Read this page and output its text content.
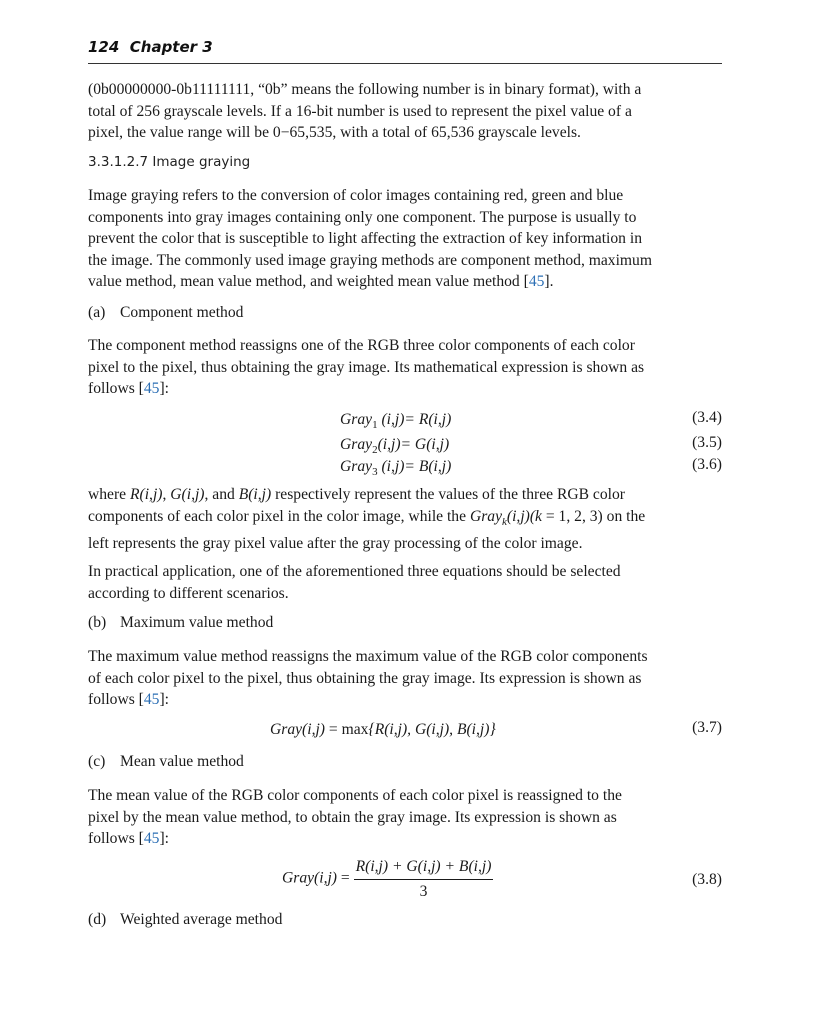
124 Chapter 3
(0b00000000-0b11111111, “0b” means the following number is in binary format), with a
total of 256 grayscale levels. If a 16-bit number is used to represent the pixel value of a
pixel, the value range will be 0−65,535, with a total of 65,536 grayscale levels.
3.3.1.2.7 Image graying
Image graying refers to the conversion of color images containing red, green and blue
components into gray images containing only one component. The purpose is usually to
prevent the color that is susceptible to light affecting the extraction of key information in
the image. The commonly used image graying methods are component method, maximum
value method, mean value method, and weighted mean value method [45].
(a) Component method
The component method reassigns one of the RGB three color components of each color
pixel to the pixel, thus obtaining the gray image. Its mathematical expression is shown as
follows [45]:
Gray$_1$ (i,j)= R(i,j)	(3.4)
Gray$_2$(i,j)= G(i,j)	(3.5)
Gray$_3$ (i,j)= B(i,j)	(3.6)
where R(i,j), G(i,j), and B(i,j) respectively represent the values of the three RGB color
components of each color pixel in the color image, while the Gray$_k$(i,j)(k = 1, 2, 3) on the
left represents the gray pixel value after the gray processing of the color image.
In practical application, one of the aforementioned three equations should be selected
according to different scenarios.
(b) Maximum value method
The maximum value method reassigns the maximum value of the RGB color components
of each color pixel to the pixel, thus obtaining the gray image. Its expression is shown as
follows [45]:
Gray(i,j) = max{R(i,j), G(i,j), B(i,j)}	(3.7)
(c) Mean value method
The mean value of the RGB color components of each color pixel is reassigned to the
pixel by the mean value method, to obtain the gray image. Its expression is shown as
follows [45]:
Gray(i,j) = $\frac{R(i,j) + G(i,j) + B(i,j)}{3}$	(3.8)
(d) Weighted average method
